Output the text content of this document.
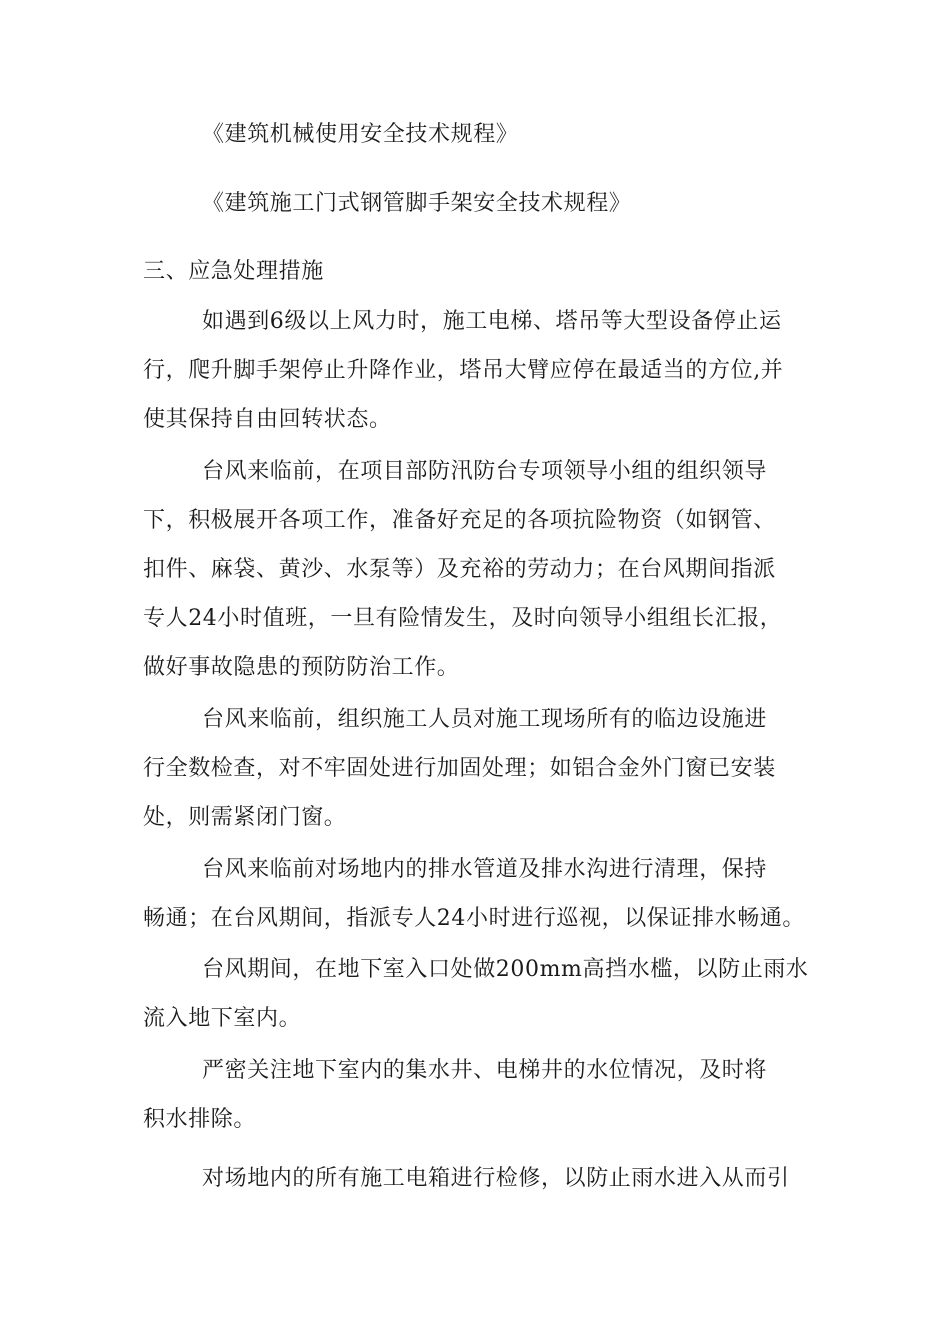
《建筑机械使用安全技术规程》
《建筑施工门式钢管脚手架安全技术规程》
三、应急处理措施
如遇到6级以上风力时，施工电梯、塔吊等大型设备停止运
行，爬升脚手架停止升降作业，塔吊大臂应停在最适当的方位,并
使其保持自由回转状态。
台风来临前，在项目部防汛防台专项领导小组的组织领导
下，积极展开各项工作，准备好充足的各项抗险物资（如钢管、
扣件、麻袋、黄沙、水泵等）及充裕的劳动力；在台风期间指派
专人24小时值班，一旦有险情发生，及时向领导小组组长汇报，
做好事故隐患的预防防治工作。
台风来临前，组织施工人员对施工现场所有的临边设施进
行全数检查，对不牢固处进行加固处理；如铝合金外门窗已安装
处，则需紧闭门窗。
台风来临前对场地内的排水管道及排水沟进行清理，保持
畅通；在台风期间，指派专人24小时进行巡视，以保证排水畅通。
台风期间，在地下室入口处做200mm高挡水槛，以防止雨水
流入地下室内。
严密关注地下室内的集水井、电梯井的水位情况，及时将
积水排除。
对场地内的所有施工电箱进行检修，以防止雨水进入从而引
